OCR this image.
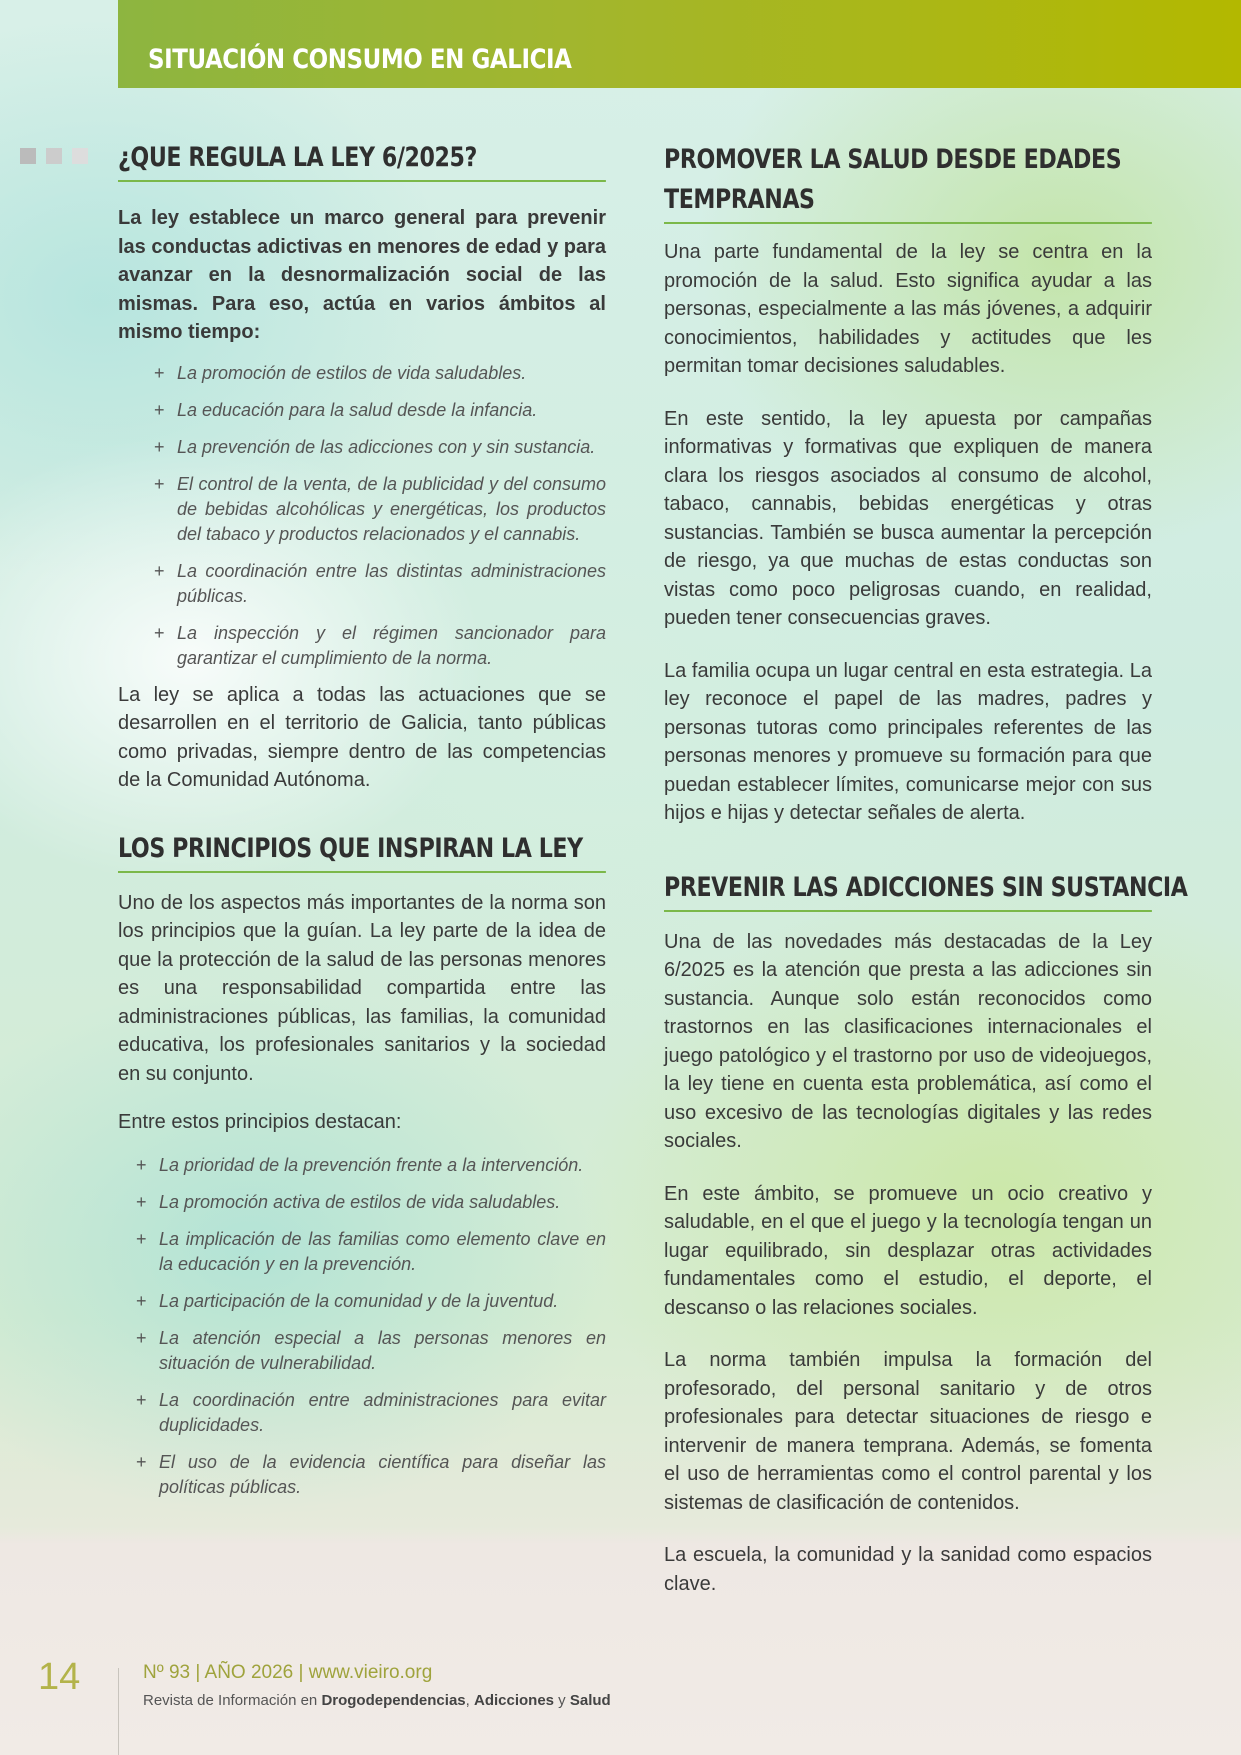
SITUACIÓN CONSUMO EN GALICIA
¿QUE REGULA LA LEY 6/2025?

La ley establece un marco general para prevenir las conductas adictivas en menores de edad y para avanzar en la desnormalización social de las mismas. Para eso, actúa en varios ámbitos al mismo tiempo:

+ La promoción de estilos de vida saludables.
+ La educación para la salud desde la infancia.
+ La prevención de las adicciones con y sin sustancia.
+ El control de la venta, de la publicidad y del consumo de bebidas alcohólicas y energéticas, los productos del tabaco y productos relacionados y el cannabis.
+ La coordinación entre las distintas administraciones públicas.
+ La inspección y el régimen sancionador para garantizar el cumplimiento de la norma.

La ley se aplica a todas las actuaciones que se desarrollen en el territorio de Galicia, tanto públicas como privadas, siempre dentro de las competencias de la Comunidad Autónoma.

LOS PRINCIPIOS QUE INSPIRAN LA LEY

Uno de los aspectos más importantes de la norma son los principios que la guían. La ley parte de la idea de que la protección de la salud de las personas menores es una responsabilidad compartida entre las administraciones públicas, las familias, la comunidad educativa, los profesionales sanitarios y la sociedad en su conjunto.

Entre estos principios destacan:

+ La prioridad de la prevención frente a la intervención.
+ La promoción activa de estilos de vida saludables.
+ La implicación de las familias como elemento clave en la educación y en la prevención.
+ La participación de la comunidad y de la juventud.
+ La atención especial a las personas menores en situación de vulnerabilidad.
+ La coordinación entre administraciones para evitar duplicidades.
+ El uso de la evidencia científica para diseñar las políticas públicas.
PROMOVER LA SALUD DESDE EDADES TEMPRANAS

Una parte fundamental de la ley se centra en la promoción de la salud. Esto significa ayudar a las personas, especialmente a las más jóvenes, a adquirir conocimientos, habilidades y actitudes que les permitan tomar decisiones saludables.

En este sentido, la ley apuesta por campañas informativas y formativas que expliquen de manera clara los riesgos asociados al consumo de alcohol, tabaco, cannabis, bebidas energéticas y otras sustancias. También se busca aumentar la percepción de riesgo, ya que muchas de estas conductas son vistas como poco peligrosas cuando, en realidad, pueden tener consecuencias graves.

La familia ocupa un lugar central en esta estrategia. La ley reconoce el papel de las madres, padres y personas tutoras como principales referentes de las personas menores y promueve su formación para que puedan establecer límites, comunicarse mejor con sus hijos e hijas y detectar señales de alerta.

PREVENIR LAS ADICCIONES SIN SUSTANCIA

Una de las novedades más destacadas de la Ley 6/2025 es la atención que presta a las adicciones sin sustancia. Aunque solo están reconocidos como trastornos en las clasificaciones internacionales el juego patológico y el trastorno por uso de videojuegos, la ley tiene en cuenta esta problemática, así como el uso excesivo de las tecnologías digitales y las redes sociales.

En este ámbito, se promueve un ocio creativo y saludable, en el que el juego y la tecnología tengan un lugar equilibrado, sin desplazar otras actividades fundamentales como el estudio, el deporte, el descanso o las relaciones sociales.

La norma también impulsa la formación del profesorado, del personal sanitario y de otros profesionales para detectar situaciones de riesgo e intervenir de manera temprana. Además, se fomenta el uso de herramientas como el control parental y los sistemas de clasificación de contenidos.

La escuela, la comunidad y la sanidad como espacios clave.

14	Nº 93 | AÑO 2026 | www.vieiro.org
Revista de Información en Drogodependencias, Adicciones y Salud
